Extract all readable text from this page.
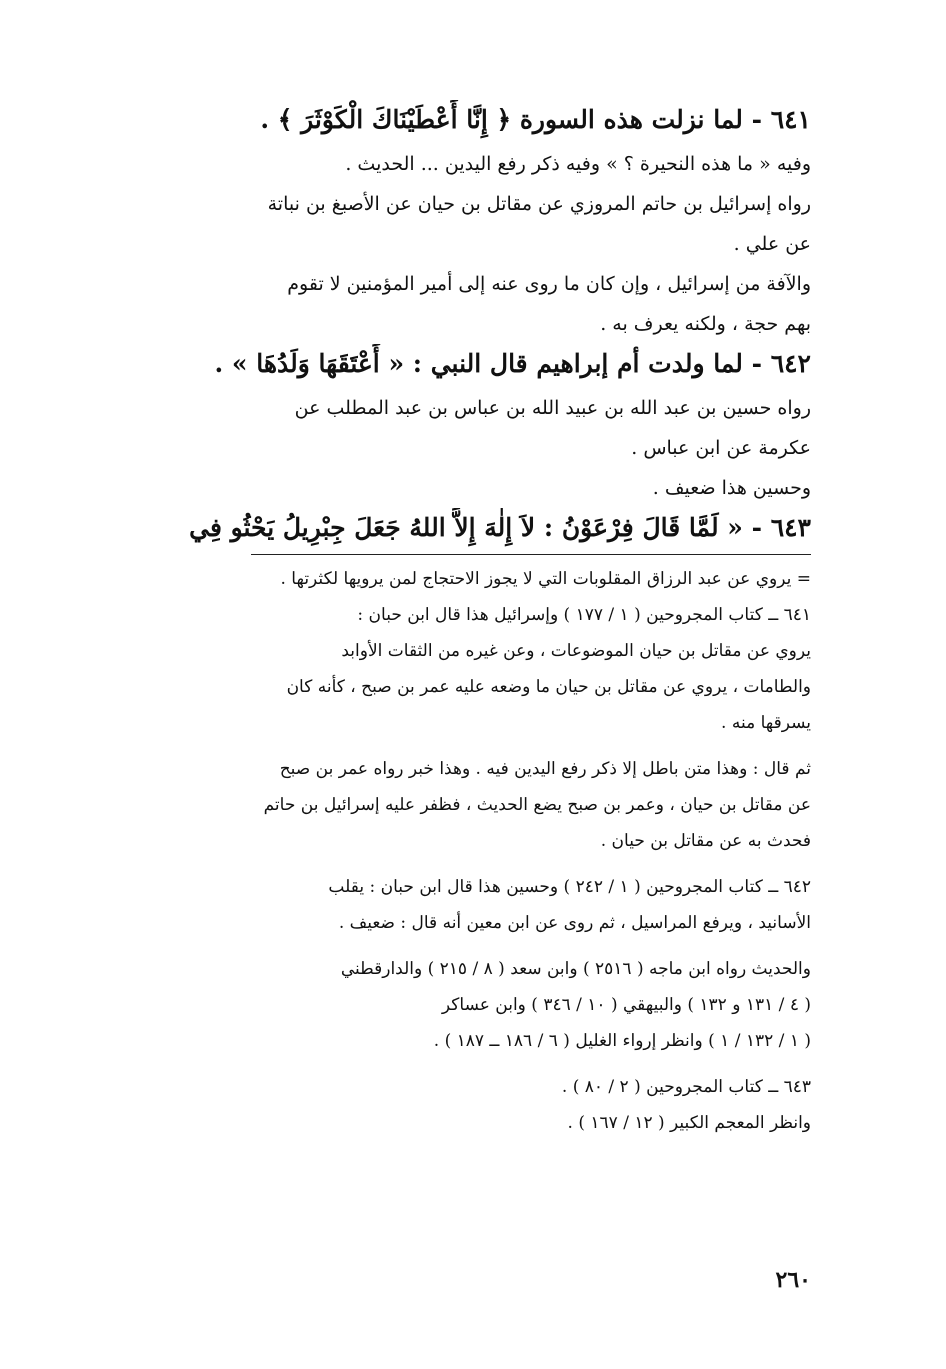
٦٤١ - لما نزلت هذه السورة ﴿ إِنَّا أَعْطَيْنَاكَ الْكَوْثَرَ ﴾ .

وفيه « ما هذه النحيرة ؟ » وفيه ذكر رفع اليدين ... الحديث .

رواه إسرائيل بن حاتم المروزي عن مقاتل بن حيان عن الأصبغ بن نباتة

عن علي .

والآفة من إسرائيل ، وإن كان ما روى عنه إلى أمير المؤمنين لا تقوم

بهم حجة ، ولكنه يعرف به .

٦٤٢ - لما ولدت أم إبراهيم قال النبي : « أَعْتَقَهَا وَلَدُهَا » .

رواه حسين بن عبد الله بن عبيد الله بن عباس بن عبد المطلب عن

عكرمة عن ابن عباس .

وحسين هذا ضعيف .

٦٤٣ - « لَمَّا قَالَ فِرْعَوْنُ : لاَ إِلٰهَ إِلاَّ اللهُ جَعَلَ جِبْرِيلُ يَحْثُو فِي

= يروي عن عبد الرزاق المقلوبات التي لا يجوز الاحتجاج لمن يرويها لكثرتها .

٦٤١ ــ كتاب المجروحين ( ١ / ١٧٧ ) وإسرائيل هذا قال ابن حبان :

يروي عن مقاتل بن حيان الموضوعات ، وعن غيره من الثقات الأوابد

والطامات ، يروي عن مقاتل بن حيان ما وضعه عليه عمر بن صبح ، كأنه كان

يسرقها منه .

ثم قال : وهذا متن باطل إلا ذكر رفع اليدين فيه . وهذا خبر رواه عمر بن صبح

عن مقاتل بن حيان ، وعمر بن صبح يضع الحديث ، فظفر عليه إسرائيل بن حاتم

فحدث به عن مقاتل بن حيان .

٦٤٢ ــ كتاب المجروحين ( ١ / ٢٤٢ ) وحسين هذا قال ابن حبان : يقلب

الأسانيد ، ويرفع المراسيل ، ثم روى عن ابن معين أنه قال : ضعيف .

والحديث رواه ابن ماجه ( ٢٥١٦ ) وابن سعد ( ٨ / ٢١٥ ) والدارقطني

( ٤ / ١٣١ و ١٣٢ ) والبيهقي ( ١٠ / ٣٤٦ ) وابن عساكر

( ١ / ١٣٢ / ١ ) وانظر إرواء الغليل ( ٦ / ١٨٦ ــ ١٨٧ ) .

٦٤٣ ــ كتاب المجروحين ( ٢ / ٨٠ ) .

وانظر المعجم الكبير ( ١٢ / ١٦٧ ) .

٢٦٠
